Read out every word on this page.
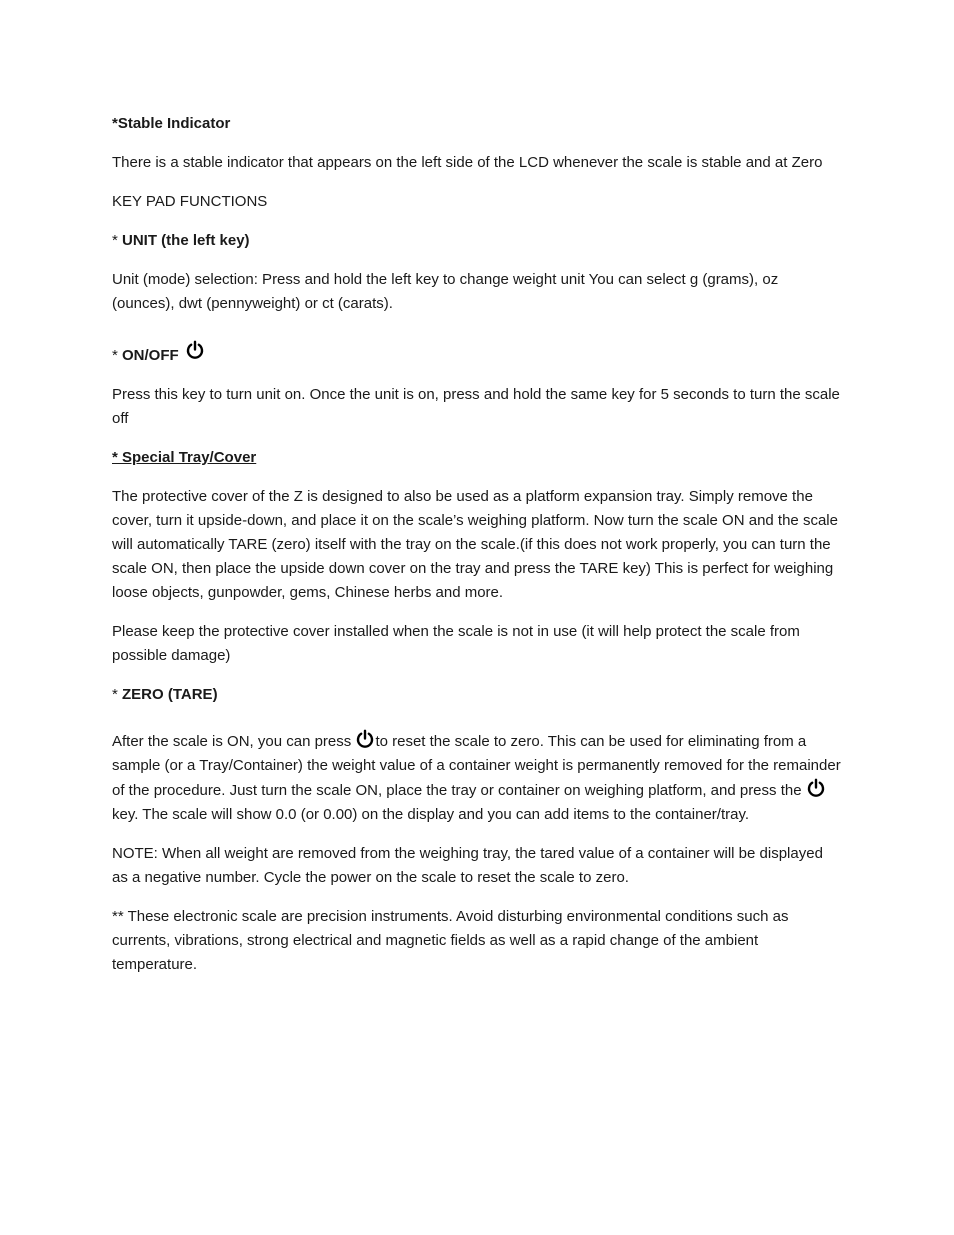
*Stable Indicator

There is a stable indicator that appears on the left side of the LCD whenever the scale is stable and at Zero

KEY PAD FUNCTIONS

* UNIT (the left key)

Unit (mode) selection: Press and hold the left key to change weight unit You can select g (grams), oz (ounces), dwt (pennyweight) or ct (carats).

* ON/OFF

Press this key to turn unit on. Once the unit is on, press and hold the same key for 5 seconds to turn the scale off

* Special Tray/Cover

The protective cover of the Z is designed to also be used as a platform expansion tray. Simply remove the cover, turn it upside-down, and place it on the scale’s weighing platform. Now turn the scale ON and the scale will automatically TARE (zero) itself with the tray on the scale.(if this does not work properly, you can turn the scale ON, then place the upside down cover on the tray and press the TARE key) This is perfect for weighing loose objects, gunpowder, gems, Chinese herbs and more.

Please keep the protective cover installed when the scale is not in use (it will help protect the scale from possible damage)

* ZERO (TARE)

After the scale is ON, you can press
to reset the scale to zero. This can be used for eliminating from a sample (or a Tray/Container) the weight value of a container weight is permanently removed for the remainder of the procedure. Just turn the scale ON, place the tray or container on weighing platform, and press the
key. The scale will show 0.0 (or 0.00) on the display and you can add items to the container/tray.

NOTE: When all weight are removed from the weighing tray, the tared value of a container will be displayed as a negative number. Cycle the power on the scale to reset the scale to zero.

** These electronic scale are precision instruments. Avoid disturbing environmental conditions such as currents, vibrations, strong electrical and magnetic fields as well as a rapid change of the ambient temperature.
